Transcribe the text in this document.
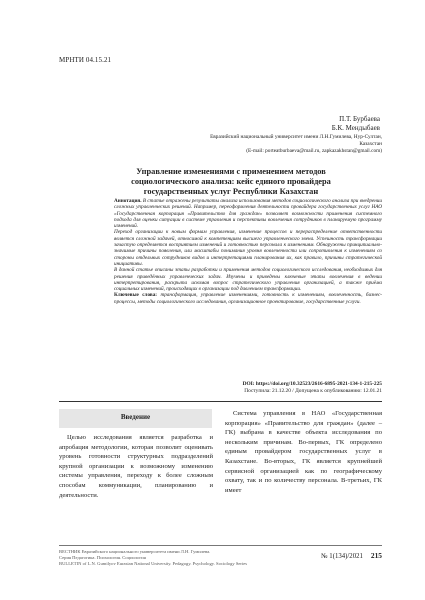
МРНТИ 04.15.21
П.Т. Бурбаева
Б.К. Мендыбаев
Евразийский национальный университет имени Л.Н.Гумилева, Нур-Султан, Казахстан
(E-mail: porteatburbaeva@mail.ru, zapkazakhstan@gmail.com)
Управление изменениями с применением методов социологического анализа: кейс единого провайдера государственных услуг Республики Казахстан

Аннотация. В статье отражены результаты анализа использования методов социологического анализа при внедрении сложных управленческих решений. Например, переоформления деятельности провайдера государственных услуг НАО «Государственная корпорация «Правительство для граждан» позволяет возможности применения системного подхода для оценки ситуации в системе управления и перспективы вовлечения сотрудников в планируемую программу изменений.

Переход организации к новым формам управления, изменение процессов и перераспределение ответственности является сложной задачей, относимой к компетенциям высшего управленческого звена. Успешность трансформации зачастую определяется восприятием изменений и готовностью персонала к изменениям. Обнаружены принципиально-значимые причины появления, или масштабы понимания уровня вовлеченности или сопротивления к изменениям со стороны отдельных сотрудников видов и интерпретациями планирования их, как правило, причины стратегической инициативы.

В данной статье описаны этапы разработки и применения методов социологического исследования, необходимых для решения приведённых управленческих задач. Изучены и приведены ключевые этапы вовлечения в ведении интерпретирования, раскрыта искомая вопрос стратегического управления организацией, а также приёма социальных изменений, происходящих в организации под давлением трансформации.

Ключевые слова: трансформация, управление изменениями, готовность к изменениям, вовлеченность, бизнес-процессы, методы социологического исследования, организационное проектирование, государственные услуги.

DOI: https://doi.org/10.32523/2616-6895-2021-134-1-215-225
Поступила: 21.12.20 / Допущена к опубликованию: 12.01.21
Введение
Целью исследования является разработка и апробация методологии, которая позволит оценивать уровень готовности структурных подразделений крупной организации к возможному изменению системы управления, переходу к более сложным способам коммуникации, планированию и деятельности.
Система управления в НАО «Государственная корпорация» «Правительство для граждан» (далее – ГК) выбрана в качестве объекта исследования по нескольким причинам. Во-первых, ГК определено единым провайдером государственных услуг в Казахстане. Во-вторых, ГК является крупнейшей сервисной организацией как по географическому охвату, так и по количеству персонала. В-третьих, ГК имеет
ВЕСТНИК Евразийского национального университета имени Л.Н. Гумилева.
Серия Педагогика. Психология. Социология
BULLETIN of L.N. Gumilyov Eurasian National University. Pedagogy. Psychology. Sociology Series
№ 1(134)/2021 215
